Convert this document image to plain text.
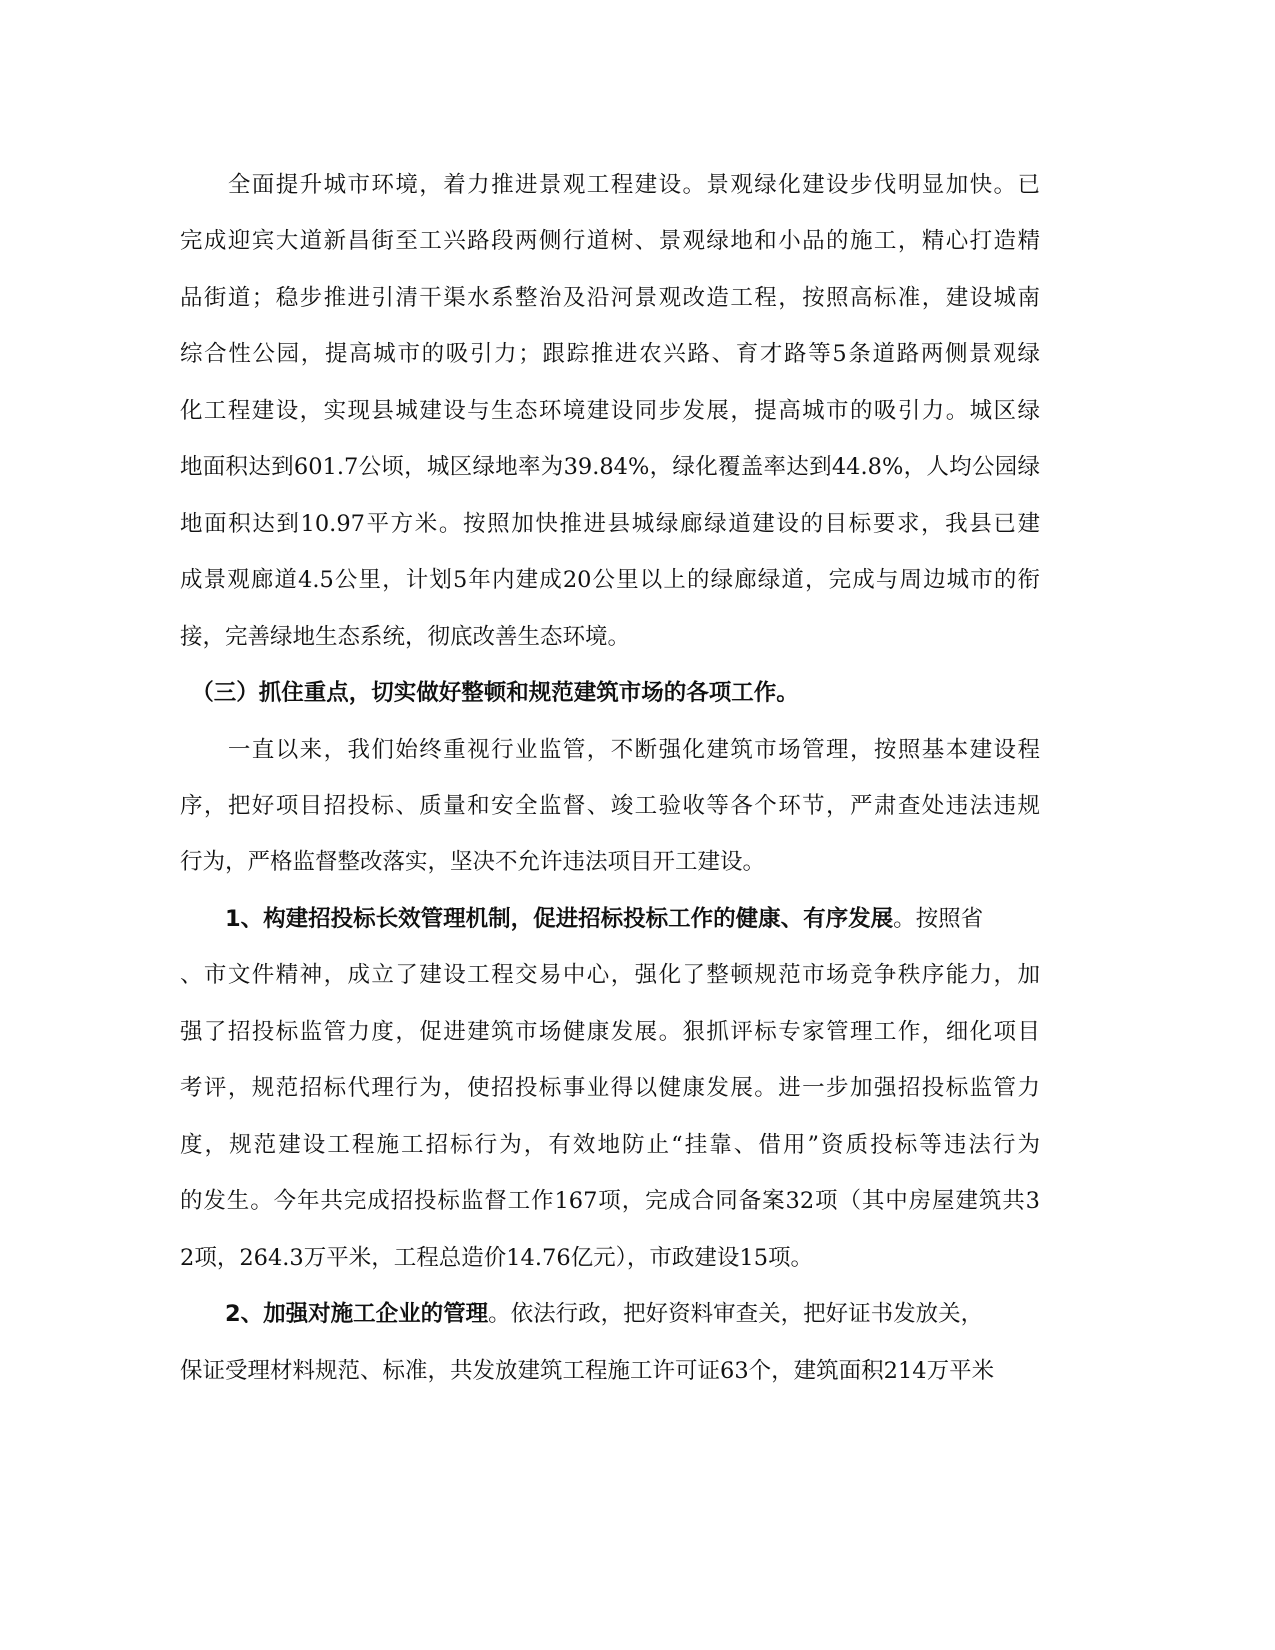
　　全面提升城市环境，着力推进景观工程建设。景观绿化建设步伐明显加快。已
完成迎宾大道新昌街至工兴路段两侧行道树、景观绿地和小品的施工，精心打造精
品街道；稳步推进引清干渠水系整治及沿河景观改造工程，按照高标准，建设城南
综合性公园，提高城市的吸引力；跟踪推进农兴路、育才路等5条道路两侧景观绿
化工程建设，实现县城建设与生态环境建设同步发展，提高城市的吸引力。城区绿
地面积达到601.7公顷，城区绿地率为39.84%，绿化覆盖率达到44.8%，人均公园绿
地面积达到10.97平方米。按照加快推进县城绿廊绿道建设的目标要求，我县已建
成景观廊道4.5公里，计划5年内建成20公里以上的绿廊绿道，完成与周边城市的衔
接，完善绿地生态系统，彻底改善生态环境。
　（三）抓住重点，切实做好整顿和规范建筑市场的各项工作。
　　一直以来，我们始终重视行业监管，不断强化建筑市场管理，按照基本建设程
序，把好项目招投标、质量和安全监督、竣工验收等各个环节，严肃查处违法违规
行为，严格监督整改落实，坚决不允许违法项目开工建设。
　　1、构建招投标长效管理机制，促进招标投标工作的健康、有序发展。按照省
、市文件精神，成立了建设工程交易中心，强化了整顿规范市场竞争秩序能力，加
强了招投标监管力度，促进建筑市场健康发展。狠抓评标专家管理工作，细化项目
考评，规范招标代理行为，使招投标事业得以健康发展。进一步加强招投标监管力
度，规范建设工程施工招标行为，有效地防止“挂靠、借用”资质投标等违法行为
的发生。今年共完成招投标监督工作167项，完成合同备案32项（其中房屋建筑共3
2项，264.3万平米，工程总造价14.76亿元），市政建设15项。
　　2、加强对施工企业的管理。依法行政，把好资料审查关，把好证书发放关，
保证受理材料规范、标准，共发放建筑工程施工许可证63个，建筑面积214万平米
